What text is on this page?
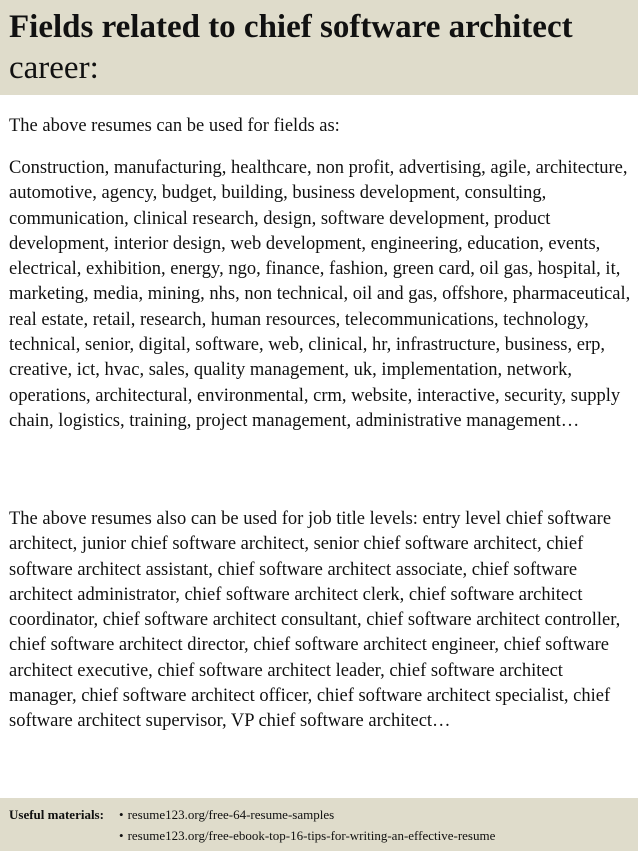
Fields related to chief software architect
career:

The above resumes can be used for fields as:

Construction, manufacturing, healthcare, non profit, advertising, agile, architecture, automotive, agency, budget, building, business development, consulting, communication, clinical research, design, software development, product development, interior design, web development, engineering, education, events, electrical, exhibition, energy, ngo, finance, fashion, green card, oil gas, hospital, it, marketing, media, mining, nhs, non technical, oil and gas, offshore, pharmaceutical, real estate, retail, research, human resources, telecommunications, technology, technical, senior, digital, software, web, clinical, hr, infrastructure, business, erp, creative, ict, hvac, sales, quality management, uk, implementation, network, operations, architectural, environmental, crm, website, interactive, security, supply chain, logistics, training, project management, administrative management…

The above resumes also can be used for job title levels: entry level chief software architect, junior chief software architect, senior chief software architect, chief software architect assistant, chief software architect associate, chief software architect administrator, chief software architect clerk, chief software architect coordinator, chief software architect consultant, chief software architect controller, chief software architect director, chief software architect engineer, chief software architect executive, chief software architect leader, chief software architect manager, chief software architect officer, chief software architect specialist, chief software architect supervisor, VP chief software architect…

Useful materials:	• resume123.org/free-64-resume-samples
• resume123.org/free-ebook-top-16-tips-for-writing-an-effective-resume
